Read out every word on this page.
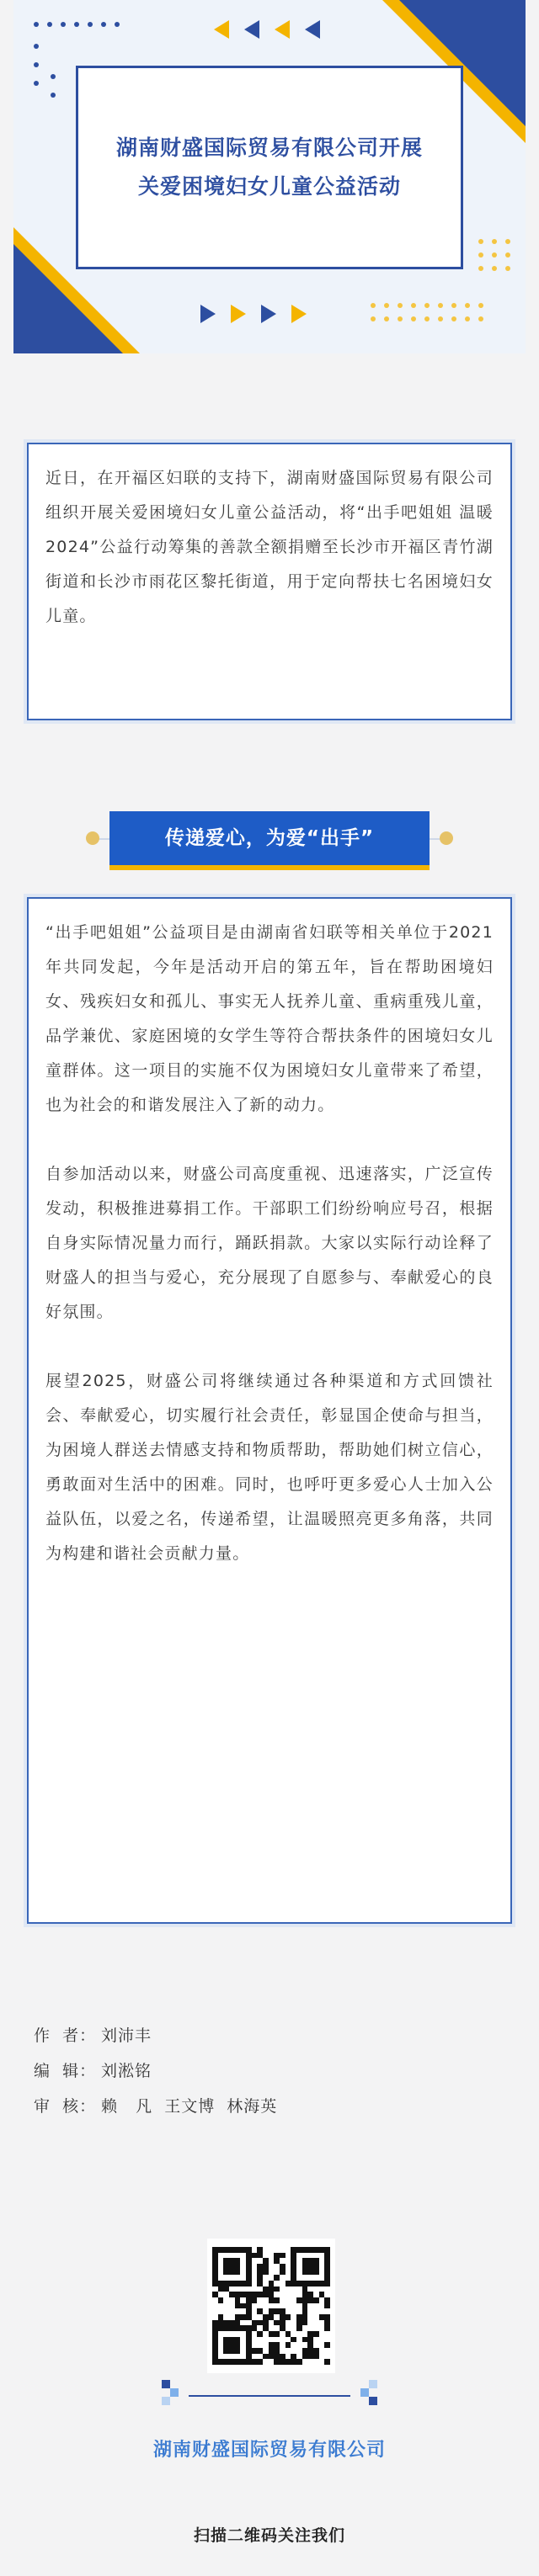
湖南财盛国际贸易有限公司开展
关爱困境妇女儿童公益活动

近日，在开福区妇联的支持下，湖南财盛国际贸易有限公司组织开展关爱困境妇女儿童公益活动，将“出手吧姐姐 温暖2024”公益行动筹集的善款全额捐赠至长沙市开福区青竹湖街道和长沙市雨花区黎托街道，用于定向帮扶七名困境妇女儿童。

传递爱心，为爱“出手”

“出手吧姐姐”公益项目是由湖南省妇联等相关单位于2021年共同发起，今年是活动开启的第五年，旨在帮助困境妇女、残疾妇女和孤儿、事实无人抚养儿童、重病重残儿童，品学兼优、家庭困境的女学生等符合帮扶条件的困境妇女儿童群体。这一项目的实施不仅为困境妇女儿童带来了希望，也为社会的和谐发展注入了新的动力。

自参加活动以来，财盛公司高度重视、迅速落实，广泛宣传发动，积极推进募捐工作。干部职工们纷纷响应号召，根据自身实际情况量力而行，踊跃捐款。大家以实际行动诠释了财盛人的担当与爱心，充分展现了自愿参与、奉献爱心的良好氛围。

展望2025，财盛公司将继续通过各种渠道和方式回馈社会、奉献爱心，切实履行社会责任，彰显国企使命与担当，为困境人群送去情感支持和物质帮助，帮助她们树立信心，勇敢面对生活中的困难。同时，也呼吁更多爱心人士加入公益队伍，以爱之名，传递希望，让温暖照亮更多角落，共同为构建和谐社会贡献力量。

作  者： 刘沛丰
编  辑： 刘淞铭
审  核： 赖   凡  王文博  林海英
湖南财盛国际贸易有限公司
扫描二维码关注我们
